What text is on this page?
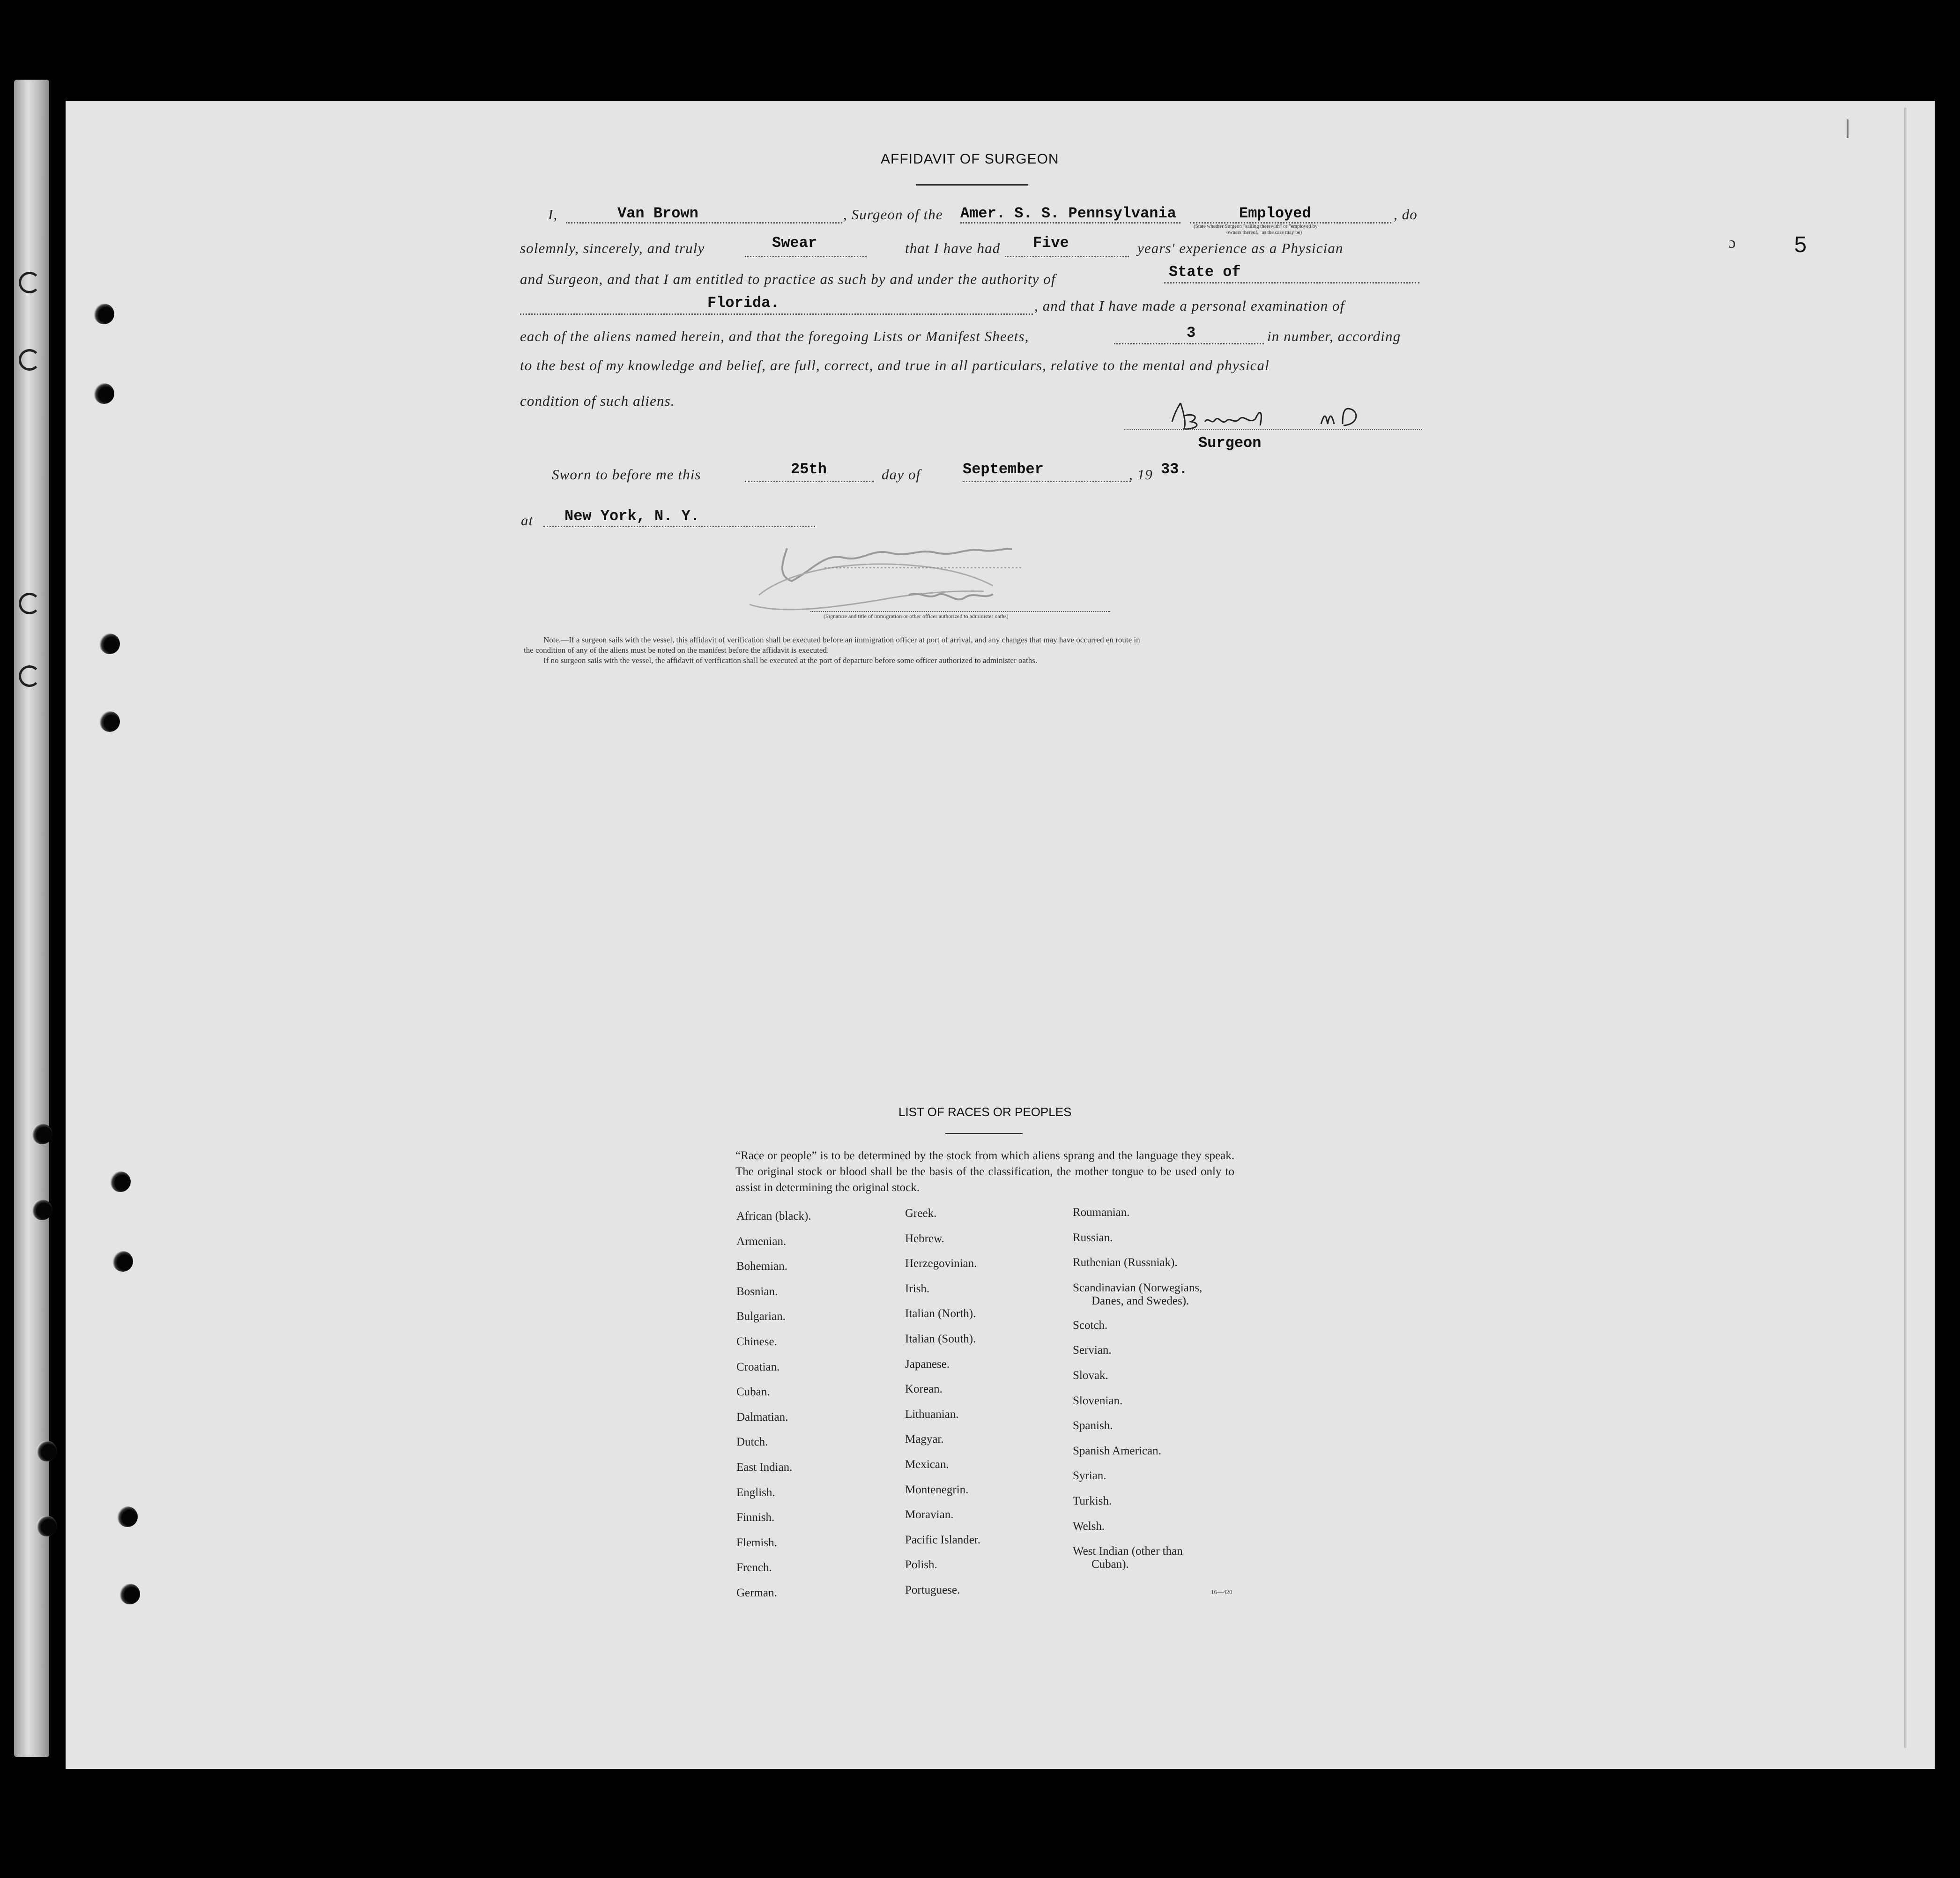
ɔ	5
AFFIDAVIT OF SURGEON
I,	Van Brown	, Surgeon of the Amer. S. S. Pennsylvania	Employed	, do
(State whether Surgeon "sailing therewith" or "employed by
owners thereof," as the case may be)
solemnly, sincerely, and truly	Swear	that I have had Five	years' experience as a Physician
and Surgeon, and that I am entitled to practice as such by and under the authority of	State of
Florida.	, and that I have made a personal examination of
each of the aliens named herein, and that the foregoing Lists or Manifest Sheets,	3	in number, according
to the best of my knowledge and belief, are full, correct, and true in all particulars, relative to the mental and physical
condition of such aliens.
Surgeon
Sworn to before me this	25th	day of	September	, 19 33.
at New York, N. Y.
(Signature and title of immigration or other officer authorized to administer oaths)
Note.—If a surgeon sails with the vessel, this affidavit of verification shall be executed before an immigration officer at port of arrival, and any changes that may have occurred en route in
the condition of any of the aliens must be noted on the manifest before the affidavit is executed.
If no surgeon sails with the vessel, the affidavit of verification shall be executed at the port of departure before some officer authorized to administer oaths.
LIST OF RACES OR PEOPLES
“Race or people” is to be determined by the stock from which aliens sprang and the language they speak. The original stock or blood shall be the basis of the classification, the mother tongue to be used only to assist in determining the original stock.
African (black).
Armenian.
Bohemian.
Bosnian.
Bulgarian.
Chinese.
Croatian.
Cuban.
Dalmatian.
Dutch.
East Indian.
English.
Finnish.
Flemish.
French.
German.
Greek.
Hebrew.
Herzegovinian.
Irish.
Italian (North).
Italian (South).
Japanese.
Korean.
Lithuanian.
Magyar.
Mexican.
Montenegrin.
Moravian.
Pacific Islander.
Polish.
Portuguese.
Roumanian.
Russian.
Ruthenian (Russniak).
Scandinavian (Norwegians,
Danes, and Swedes).
Scotch.
Servian.
Slovak.
Slovenian.
Spanish.
Spanish American.
Syrian.
Turkish.
Welsh.
West Indian (other than
Cuban).
16—420
